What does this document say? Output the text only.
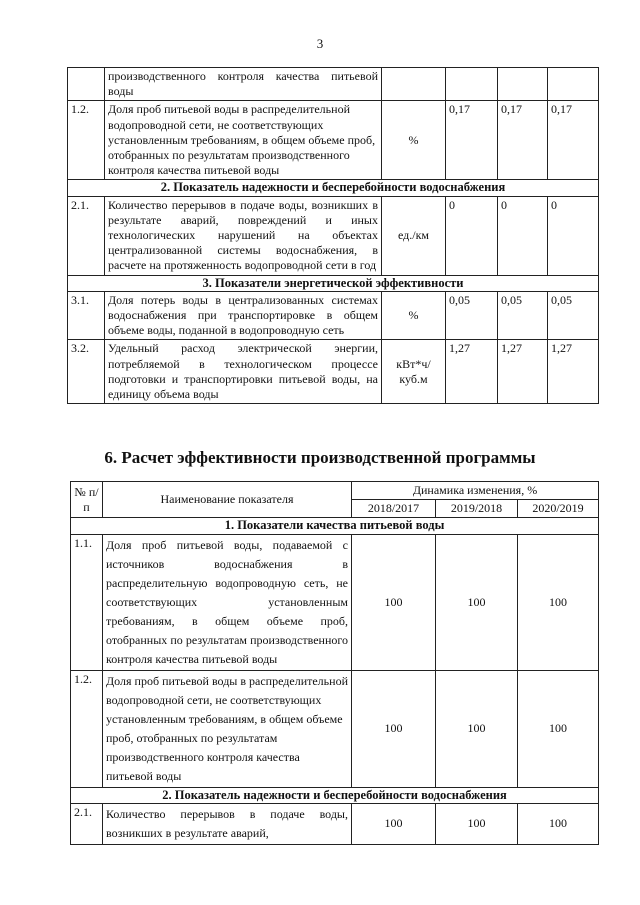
3
	производственного контроля качества питьевой воды				
1.2.	Доля проб питьевой воды в распределительной водопроводной сети, не соответствующих установленным требованиям, в общем объеме проб, отобранных по результатам производственного контроля качества питьевой воды	%	0,17	0,17	0,17
2. Показатель надежности и бесперебойности водоснабжения					
2.1.	Количество перерывов в подаче воды, возникших в результате аварий, повреждений и иных технологических нарушений на объектах централизованной системы водоснабжения, в расчете на протяженность водопроводной сети в год	ед./км	0	0	0
3. Показатели энергетической эффективности					
3.1.	Доля потерь воды в централизованных системах водоснабжения при транспортировке в общем объеме воды, поданной в водопроводную сеть	%	0,05	0,05	0,05
3.2.	Удельный расход электрической энергии, потребляемой в технологическом процессе подготовки и транспортировки питьевой воды, на единицу объема воды	кВт*ч/ куб.м	1,27	1,27	1,27
6. Расчет эффективности производственной программы
№ п/п	Наименование показателя	Динамика изменения, %		
		2018/2017	2019/2018	2020/2019
1. Показатели качества питьевой воды				
1.1.	Доля проб питьевой воды, подаваемой с источников водоснабжения в распределительную водопроводную сеть, не соответствующих установленным требованиям, в общем объеме проб, отобранных по результатам производственного контроля качества питьевой воды	100	100	100
1.2.	Доля проб питьевой воды в распределительной водопроводной сети, не соответствующих установленным требованиям, в общем объеме проб, отобранных по результатам производственного контроля качества питьевой воды	100	100	100
2. Показатель надежности и бесперебойности водоснабжения				
2.1.	Количество перерывов в подаче воды, возникших в результате аварий,	100	100	100
